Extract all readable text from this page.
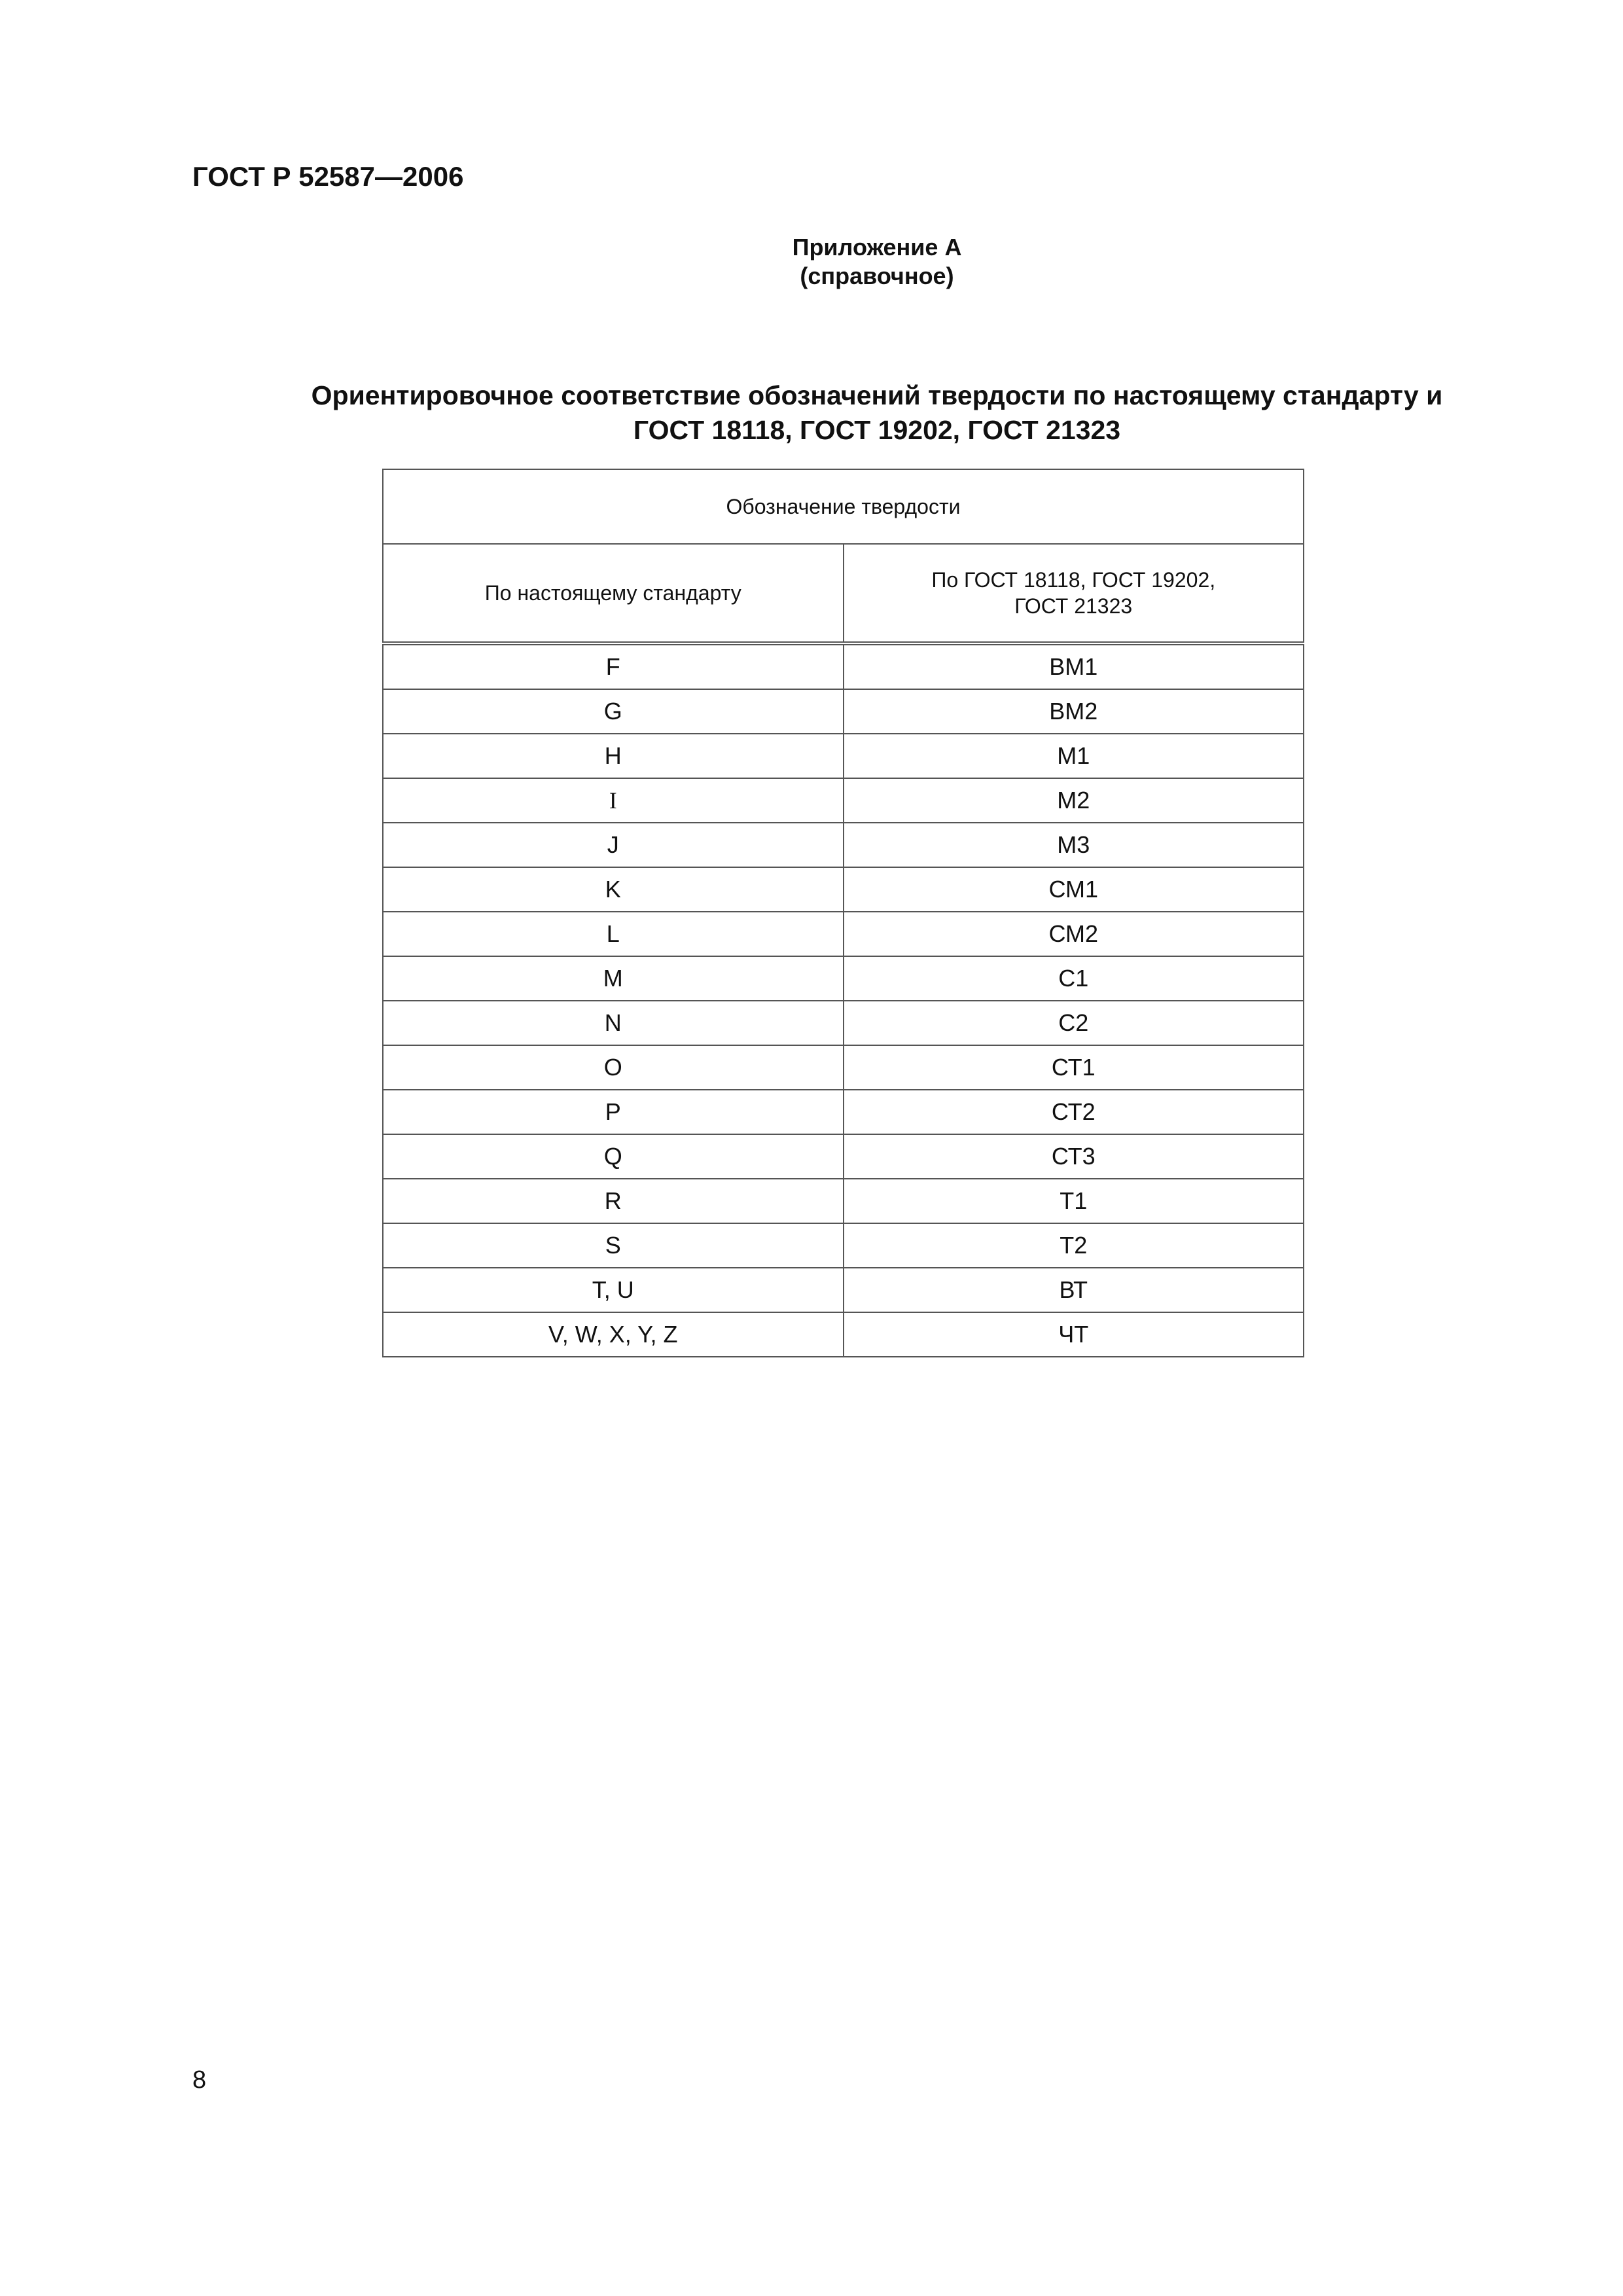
ГОСТ Р 52587—2006
Приложение А
(справочное)
Ориентировочное соответствие обозначений твердости по настоящему стандарту и
ГОСТ 18118, ГОСТ 19202, ГОСТ 21323
Обозначение твердости	
По настоящему стандарту	По ГОСТ 18118, ГОСТ 19202,
ГОСТ 21323

F	ВМ1
G	ВМ2
H	М1
I	М2
J	М3
K	СМ1
L	СМ2
M	С1
N	С2
O	СТ1
P	СТ2
Q	СТ3
R	Т1
S	Т2
T, U	ВТ
V, W, X, Y, Z	ЧТ
8
